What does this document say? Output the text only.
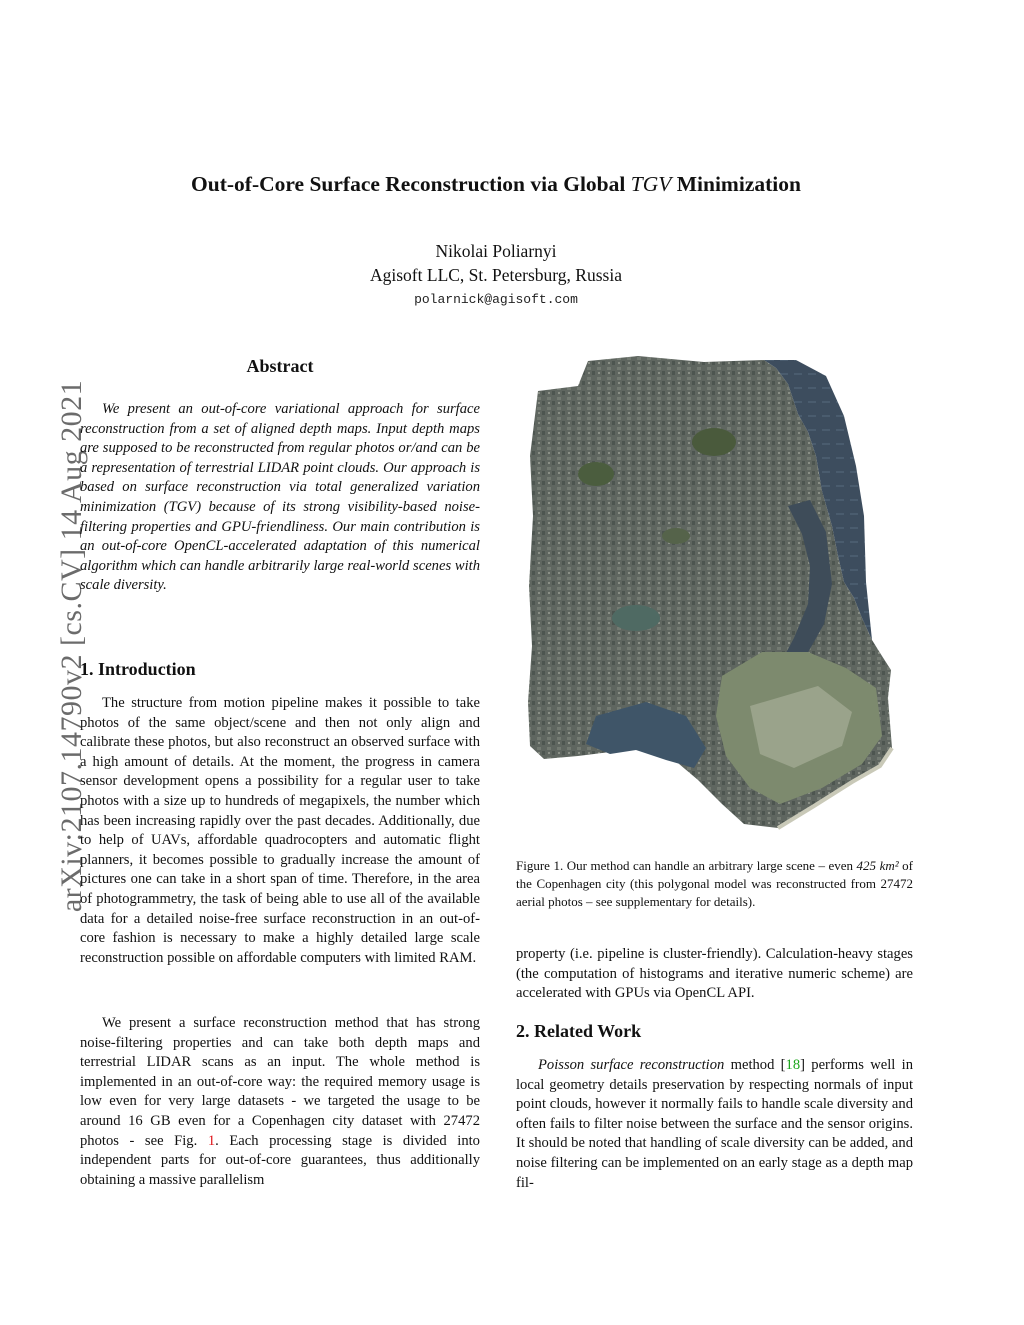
arXiv:2107.14790v2 [cs.CV] 14 Aug 2021
Out-of-Core Surface Reconstruction via Global TGV Minimization
Nikolai Poliarnyi
Agisoft LLC, St. Petersburg, Russia
polarnick@agisoft.com
Abstract

We present an out-of-core variational approach for surface reconstruction from a set of aligned depth maps. Input depth maps are supposed to be reconstructed from regular photos or/and can be a representation of terrestrial LIDAR point clouds. Our approach is based on surface reconstruction via total generalized variation minimization (TGV) because of its strong visibility-based noise-filtering properties and GPU-friendliness. Our main contribution is an out-of-core OpenCL-accelerated adaptation of this numerical algorithm which can handle arbitrarily large real-world scenes with scale diversity.

1. Introduction

The structure from motion pipeline makes it possible to take photos of the same object/scene and then not only align and calibrate these photos, but also reconstruct an observed surface with a high amount of details. At the moment, the progress in camera sensor development opens a possibility for a regular user to take photos with a size up to hundreds of megapixels, the number which has been increasing rapidly over the past decades. Additionally, due to help of UAVs, affordable quadrocopters and automatic flight planners, it becomes possible to gradually increase the amount of pictures one can take in a short span of time. Therefore, in the area of photogrammetry, the task of being able to use all of the available data for a detailed noise-free surface reconstruction in an out-of-core fashion is necessary to make a highly detailed large scale reconstruction possible on affordable computers with limited RAM.

We present a surface reconstruction method that has strong noise-filtering properties and can take both depth maps and terrestrial LIDAR scans as an input. The whole method is implemented in an out-of-core way: the required memory usage is low even for very large datasets - we targeted the usage to be around 16 GB even for a Copenhagen city dataset with 27472 photos - see Fig. 1. Each processing stage is divided into independent parts for out-of-core guarantees, thus additionally obtaining a massive parallelism

Figure 1. Our method can handle an arbitrary large scene – even 425 km² of the Copenhagen city (this polygonal model was reconstructed from 27472 aerial photos – see supplementary for details).

property (i.e. pipeline is cluster-friendly). Calculation-heavy stages (the computation of histograms and iterative numeric scheme) are accelerated with GPUs via OpenCL API.

2. Related Work

Poisson surface reconstruction method [18] performs well in local geometry details preservation by respecting normals of input point clouds, however it normally fails to handle scale diversity and often fails to filter noise between the surface and the sensor origins. It should be noted that handling of scale diversity can be added, and noise filtering can be implemented on an early stage as a depth map fil-
